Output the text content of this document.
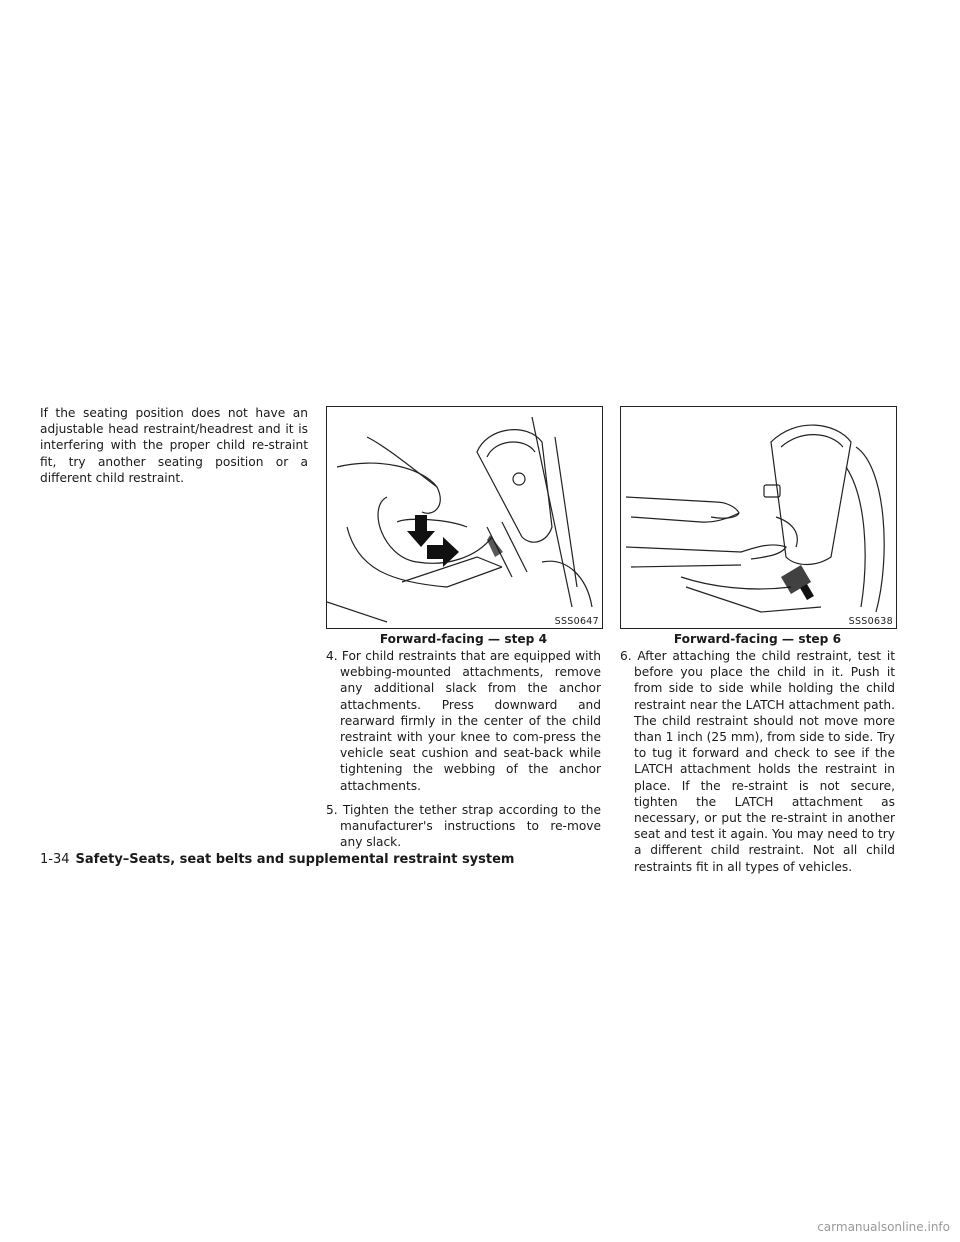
If the seating position does not have an adjustable head restraint/headrest and it is interfering with the proper child re-straint fit, try another seating position or a different child restraint.
SSS0647
Forward-facing — step 4
SSS0638
Forward-facing — step 6

4. For child restraints that are equipped with webbing-mounted attachments, remove any additional slack from the anchor attachments. Press downward and rearward firmly in the center of the child restraint with your knee to com-press the vehicle seat cushion and seat-back while tightening the webbing of the anchor attachments.

5. Tighten the tether strap according to the manufacturer's instructions to re-move any slack.

6. After attaching the child restraint, test it before you place the child in it. Push it from side to side while holding the child restraint near the LATCH attachment path. The child restraint should not move more than 1 inch (25 mm), from side to side. Try to tug it forward and check to see if the LATCH attachment holds the restraint in place. If the re-straint is not secure, tighten the LATCH attachment as necessary, or put the re-straint in another seat and test it again. You may need to try a different child restraint. Not all child restraints fit in all types of vehicles.

1-34 Safety–Seats, seat belts and supplemental restraint system
carmanualsonline.info
